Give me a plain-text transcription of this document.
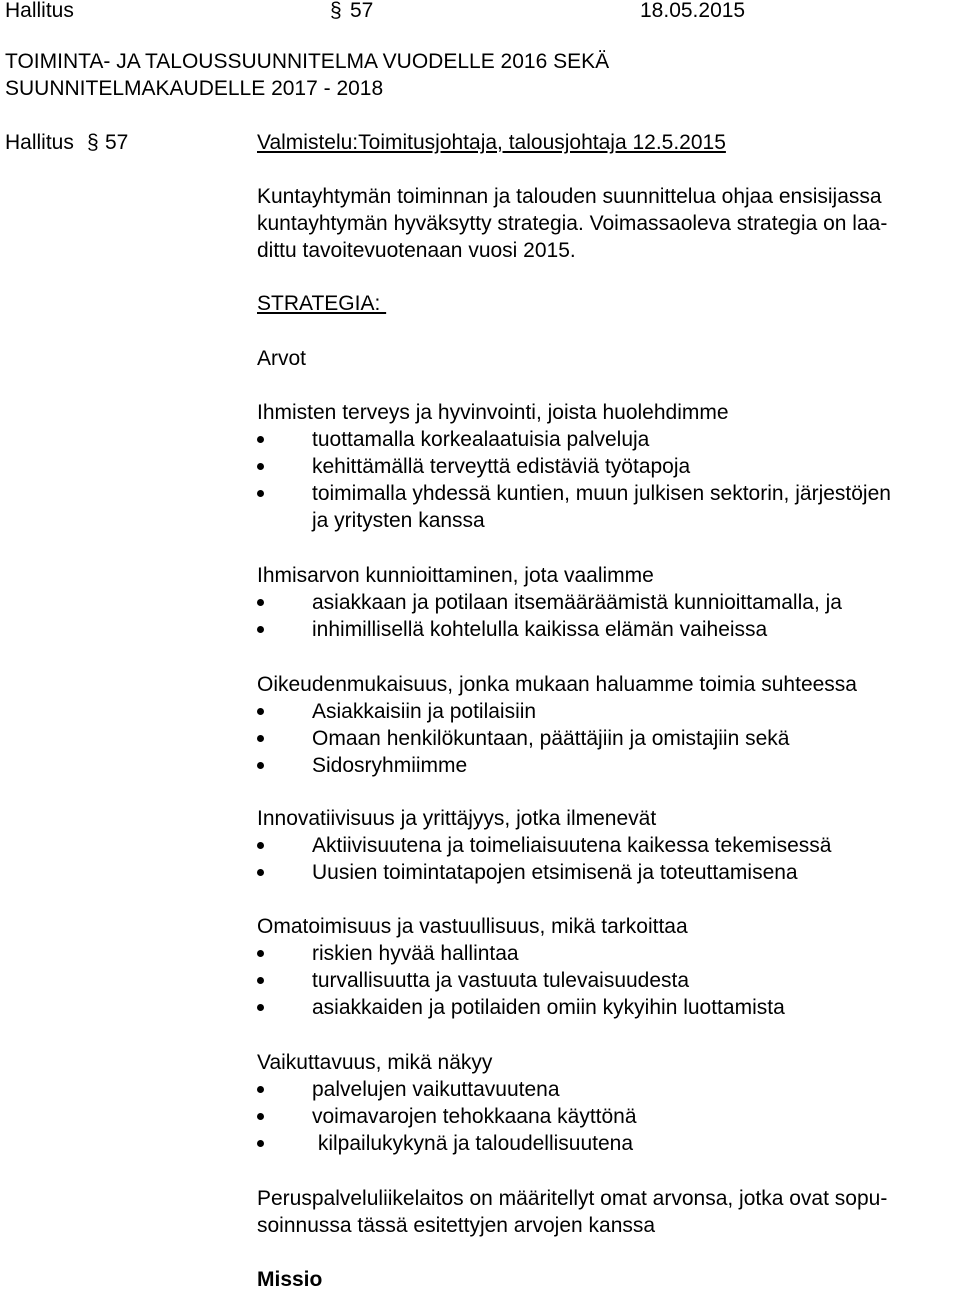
Hallitus	§ 57	18.05.2015
TOIMINTA- JA TALOUSSUUNNITELMA VUODELLE 2016 SEKÄ
SUUNNITELMAKAUDELLE 2017 - 2018
Hallitus § 57	Valmistelu:Toimitusjohtaja, talousjohtaja 12.5.2015
Kuntayhtymän toiminnan ja talouden suunnittelua ohjaa ensisijassa
kuntayhtymän hyväksytty strategia. Voimassaoleva strategia on laa-
dittu tavoitevuotenaan vuosi 2015.
STRATEGIA:
Arvot
Ihmisten terveys ja hyvinvointi, joista huolehdimme
tuottamalla korkealaatuisia palveluja
kehittämällä terveyttä edistäviä työtapoja
toimimalla yhdessä kuntien, muun julkisen sektorin, järjestöjen
ja yritysten kanssa
Ihmisarvon kunnioittaminen, jota vaalimme
asiakkaan ja potilaan itsemääräämistä kunnioittamalla, ja
inhimillisellä kohtelulla kaikissa elämän vaiheissa
Oikeudenmukaisuus, jonka mukaan haluamme toimia suhteessa
Asiakkaisiin ja potilaisiin
Omaan henkilökuntaan, päättäjiin ja omistajiin sekä
Sidosryhmiimme
Innovatiivisuus ja yrittäjyys, jotka ilmenevät
Aktiivisuutena ja toimeliaisuutena kaikessa tekemisessä
Uusien toimintatapojen etsimisenä ja toteuttamisena
Omatoimisuus ja vastuullisuus, mikä tarkoittaa
riskien hyvää hallintaa
turvallisuutta ja vastuuta tulevaisuudesta
asiakkaiden ja potilaiden omiin kykyihin luottamista
Vaikuttavuus, mikä näkyy
palvelujen vaikuttavuutena
voimavarojen tehokkaana käyttönä
kilpailukykynä ja taloudellisuutena
Peruspalveluliikelaitos on määritellyt omat arvonsa, jotka ovat sopu-
soinnussa tässä esitettyjen arvojen kanssa
Missio
